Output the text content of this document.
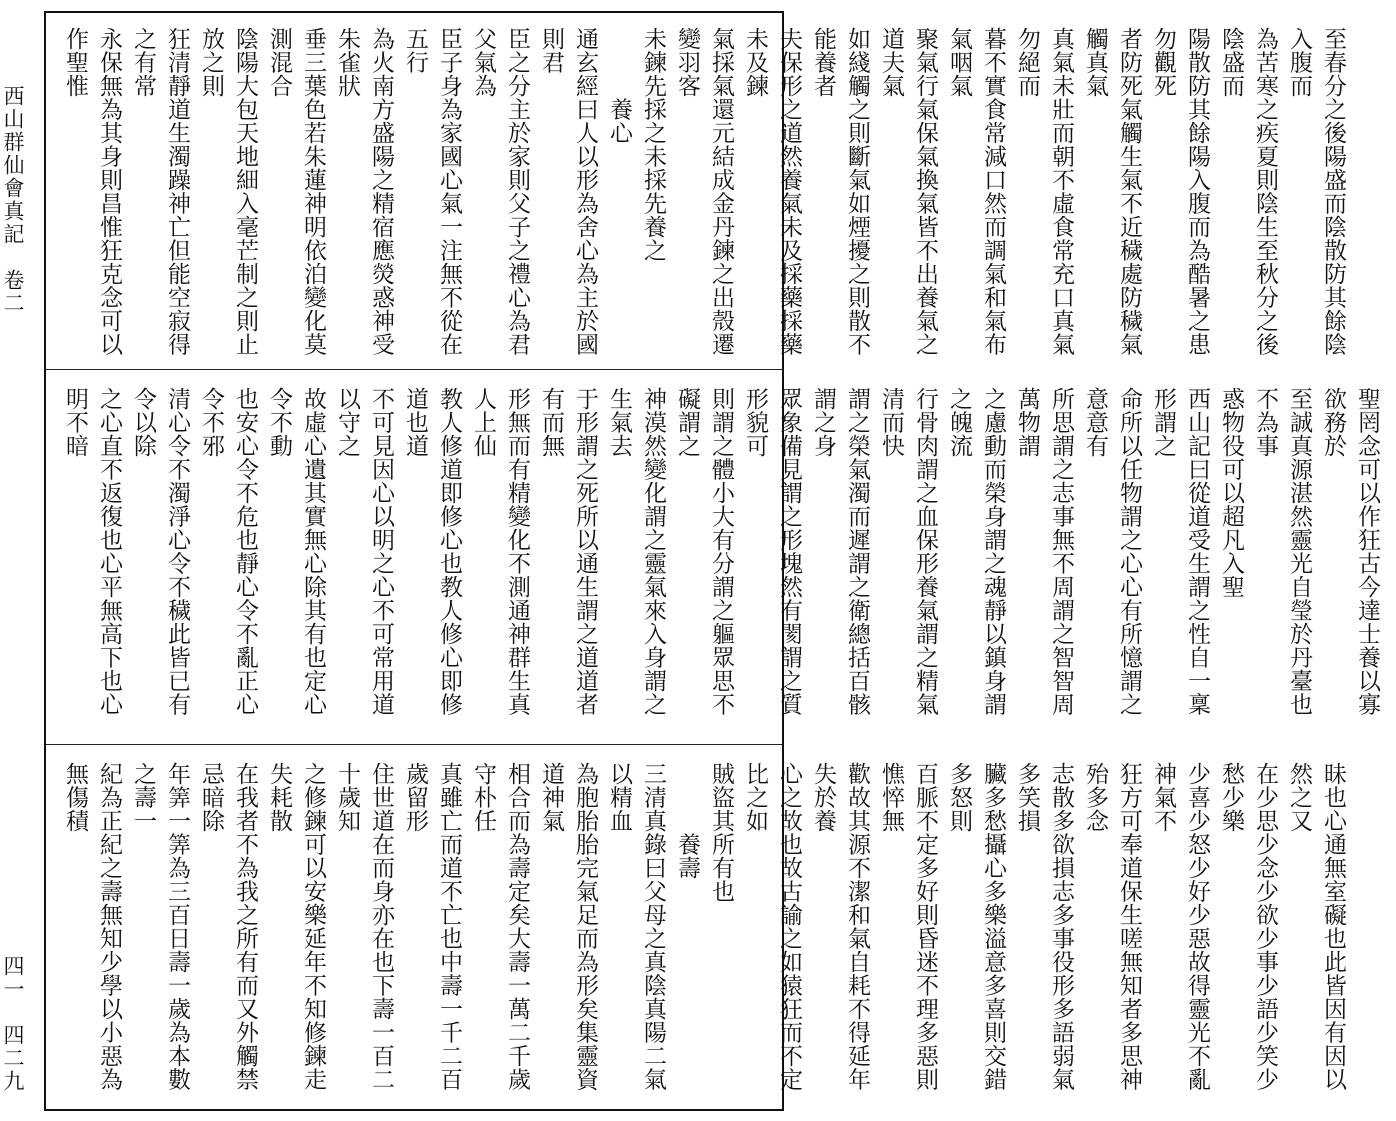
西山群仙會真記　卷二
四一　四二九
至春分之後陽盛而陰散防其餘陰入腹而
為苦寒之疾夏則陰生至秋分之後陰盛而
陽散防其餘陽入腹而為酷暑之患勿觀死
者防死氣觸生氣不近穢處防穢氣觸真氣
真氣未壯而朝不虛食常充口真氣勿絕而
暮不實食常減口然而調氣和氣布氣咽氣
聚氣行氣保氣換氣皆不出養氣之道夫氣
如綫觸之則斷氣如煙擾之則散不能養者
夫保形之道然養氣未及採藥採藥未及鍊
氣採氣還元結成金丹鍊之出殼遷變羽客
未鍊先採之未採先養之
　　　養心
通玄經曰人以形為舍心為主於國則君
臣之分主於家則父子之禮心為君父氣為
臣子身為家國心氣一注無不從在五行
為火南方盛陽之精宿應熒惑神受朱雀狀
垂三葉色若朱蓮神明依泊變化莫測混合
陰陽大包天地細入毫芒制之則止放之則
狂清靜道生濁躁神亡但能空寂得之有常
永保無為其身則昌惟狂克念可以作聖惟
聖罔念可以作狂古今達士養以寡欲務於
至誠真源湛然靈光自瑩於丹臺也不為事
惑物役可以超凡入聖
西山記曰從道受生謂之性自一稟形謂之
命所以任物謂之心心有所憶謂之意意有
所思謂之志事無不周謂之智智周萬物謂
之慮動而榮身謂之魂靜以鎮身謂之魄流
行骨肉謂之血保形養氣謂之精氣清而快
謂之榮氣濁而遲謂之衛總括百骸謂之身
眾象備見謂之形塊然有閡謂之質形貌可
則謂之體小大有分謂之軀眾思不礙謂之
神漠然變化謂之靈氣來入身謂之生氣去
于形謂之死所以通生謂之道道者有而無
形無而有精變化不測通神群生真人上仙
教人修道即修心也教人修心即修道也道
不可見因心以明之心不可常用道以守之
故虛心遺其實無心除其有也定心令不動
也安心令不危也靜心令不亂正心令不邪
清心令不濁淨心令不穢此皆已有令以除
之心直不返復也心平無高下也心明不暗
昧也心通無室礙也此皆因有因以然之又
在少思少念少欲少事少語少笑少愁少樂
少喜少怒少好少惡故得靈光不亂神氣不
狂方可奉道保生嗟無知者多思神殆多念
志散多欲損志多事役形多語弱氣多笑損
臟多愁攝心多樂溢意多喜則交錯多怒則
百脈不定多好則昏迷不理多惡則憔悴無
歡故其源不潔和氣自耗不得延年失於養
心之故也故古諭之如猿狂而不定比之如
賊盜其所有也
　　　養壽
三清真錄曰父母之真陰真陽二氣以精血
為胞胎胎完氣足而為形矣集靈資道神氣
相合而為壽定矣大壽一萬二千歲守朴任
真雖亡而道不亡也中壽一千二百歲留形
住世道在而身亦在也下壽一百二十歲知
之修鍊可以安樂延年不知修鍊走失耗散
在我者不為我之所有而又外觸禁忌暗除
年筭一筭為三百日壽一歲為本數之壽一
紀為正紀之壽無知少學以小惡為無傷積
